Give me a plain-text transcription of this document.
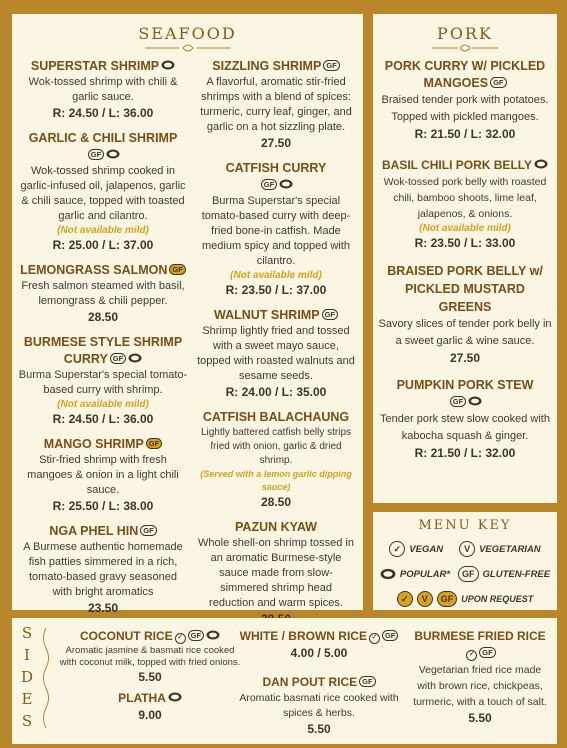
SEAFOOD
SUPERSTAR SHRIMP
Wok-tossed shrimp with chili & garlic sauce.
R: 24.50 / L: 36.00
GARLIC & CHILI SHRIMP
GF
Wok-tossed shrimp cooked in garlic-infused oil, jalapenos, garlic & chili sauce, topped with toasted garlic and cilantro.
(Not available mild)
R: 25.00 / L: 37.00
LEMONGRASS SALMON GF
Fresh salmon steamed with basil, lemongrass & chili pepper.
28.50
BURMESE STYLE SHRIMP CURRY GF
Burma Superstar's special tomato-based curry with shrimp.
(Not available mild)
R: 24.50 / L: 36.00
MANGO SHRIMP GF
Stir-fried shrimp with fresh mangoes & onion in a light chili sauce.
R: 25.50 / L: 38.00
NGA PHEL HIN GF
A Burmese authentic homemade fish patties simmered in a rich, tomato-based gravy seasoned with bright aromatics
23.50
SIZZLING SHRIMP GF
A flavorful, aromatic stir-fried shrimps with a blend of spices: turmeric, curry leaf, ginger, and garlic on a hot sizzling plate.
27.50
CATFISH CURRY
GF
Burma Superstar's special tomato-based curry with deep-fried bone-in catfish. Made medium spicy and topped with cilantro.
(Not available mild)
R: 23.50 / L: 37.00
WALNUT SHRIMP GF
Shrimp lightly fried and tossed with a sweet mayo sauce, topped with roasted walnuts and sesame seeds.
R: 24.00 / L: 35.00
CATFISH BALACHAUNG
Lightly battered catfish belly strips fried with onion, garlic & dried shrimp.
(Served with a lemon garlic dipping sauce)
28.50
PAZUN KYAW
Whole shell-on shrimp tossed in an aromatic Burmese-style sauce made from slow-simmered shrimp head reduction and warm spices.
PORK
PORK CURRY W/ PICKLED MANGOES GF
Braised tender pork with potatoes. Topped with pickled mangoes.
R: 21.50 / L: 32.00
BASIL CHILI PORK BELLY
Wok-tossed pork belly with roasted chili, bamboo shoots, lime leaf, jalapenos, & onions.
(Not available mild)
R: 23.50 / L: 33.00
BRAISED PORK BELLY w/ PICKLED MUSTARD GREENS
Savory slices of tender pork belly in a sweet garlic & wine sauce.
27.50
PUMPKIN PORK STEW
GF
Tender pork stew slow cooked with kabocha squash & ginger.
R: 21.50 / L: 32.00
MENU KEY
✓ VEGAN	V VEGETARIAN
POPULAR*	GF GLUTEN-FREE
✓	V	GF UPON REQUEST
S
I
D
E
S
COCONUT RICE ✓ GF
Aromatic jasmine & basmati rice cooked with coconut milk, topped with fried onions.
5.50
PLATHA
9.00
WHITE / BROWN RICE ✓ GF
4.00 / 5.00
DAN POUT RICE GF
Aromatic basmati rice cooked with spices & herbs.
5.50
BURMESE FRIED RICE
✓ GF
Vegetarian fried rice made with brown rice, chickpeas, turmeric, with a touch of salt.
5.50
